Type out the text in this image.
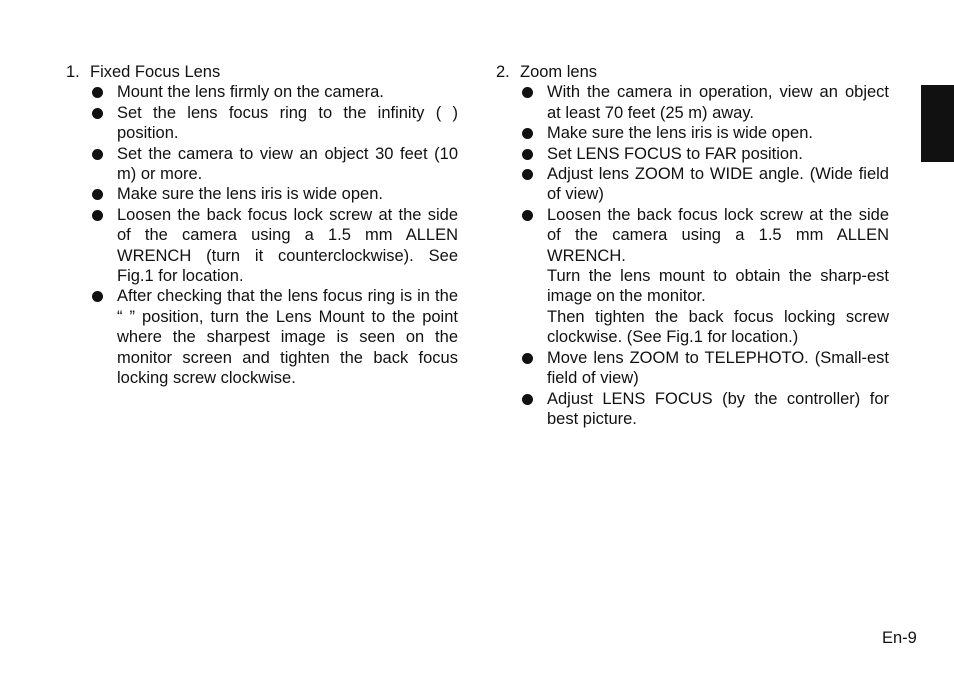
1. Fixed Focus Lens

Mount the lens firmly on the camera.

Set the lens focus ring to the infinity ( ) position.

Set the camera to view an object 30 feet (10 m) or more.

Make sure the lens iris is wide open.

Loosen the back focus lock screw at the side of the camera using a 1.5 mm ALLEN WRENCH (turn it counterclockwise). See Fig.1 for location.

After checking that the lens focus ring is in the “ ” position, turn the Lens Mount to the point where the sharpest image is seen on the monitor screen and tighten the back focus locking screw clockwise.

2. Zoom lens

With the camera in operation, view an object at least 70 feet (25 m) away.

Make sure the lens iris is wide open.

Set LENS FOCUS to FAR position.

Adjust lens ZOOM to WIDE angle. (Wide field of view)

Loosen the back focus lock screw at the side of the camera using a 1.5 mm ALLEN WRENCH.

Turn the lens mount to obtain the sharp-est image on the monitor.

Then tighten the back focus locking screw clockwise. (See Fig.1 for location.)

Move lens ZOOM to TELEPHOTO. (Small-est field of view)

Adjust LENS FOCUS (by the controller) for best picture.

En-9
